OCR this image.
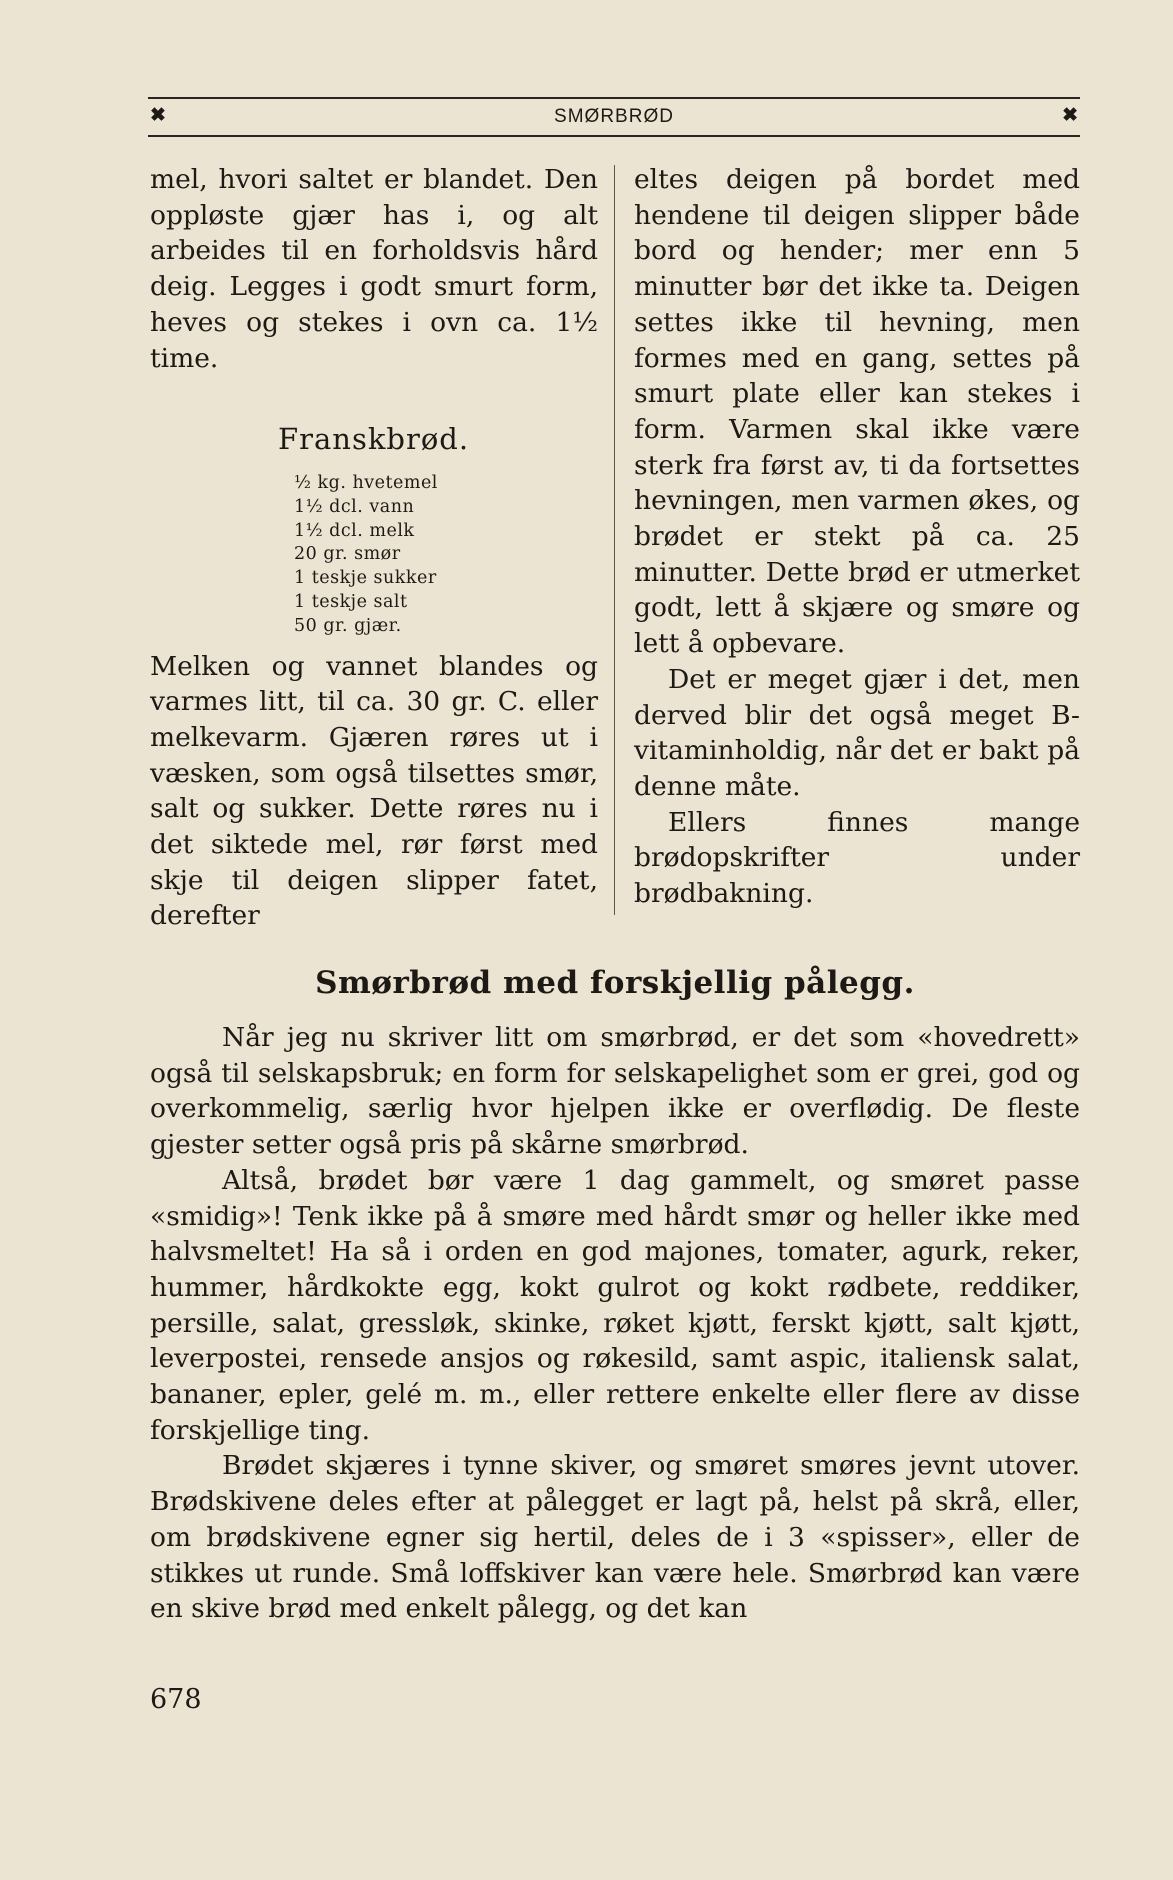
✖	SMØRBRØD	✖

mel, hvori saltet er blandet. Den oppløste gjær has i, og alt arbeides til en forholdsvis hård deig. Legges i godt smurt form, heves og stekes i ovn ca. 1½ time.

Franskbrød.
½ kg. hvetemel
1½ dcl. vann
1½ dcl. melk
20 gr. smør
1 teskje sukker
1 teskje salt
50 gr. gjær.

Melken og vannet blandes og varmes litt, til ca. 30 gr. C. eller melkevarm. Gjæren røres ut i væsken, som også tilsettes smør, salt og sukker. Dette røres nu i det siktede mel, rør først med skje til deigen slipper fatet, derefter

eltes deigen på bordet med hendene til deigen slipper både bord og hender; mer enn 5 minutter bør det ikke ta. Deigen settes ikke til hevning, men formes med en gang, settes på smurt plate eller kan stekes i form. Varmen skal ikke være sterk fra først av, ti da fortsettes hevningen, men varmen økes, og brødet er stekt på ca. 25 minutter. Dette brød er utmerket godt, lett å skjære og smøre og lett å opbevare.

Det er meget gjær i det, men derved blir det også meget B-vitaminholdig, når det er bakt på denne måte.

Ellers finnes mange brødopskrifter under brødbakning.

Smørbrød med forskjellig pålegg.

Når jeg nu skriver litt om smørbrød, er det som «hovedrett» også til selskapsbruk; en form for selskapelighet som er grei, god og overkommelig, særlig hvor hjelpen ikke er overflødig. De fleste gjester setter også pris på skårne smørbrød.

Altså, brødet bør være 1 dag gammelt, og smøret passe «smidig»! Tenk ikke på å smøre med hårdt smør og heller ikke med halvsmeltet! Ha så i orden en god majones, tomater, agurk, reker, hummer, hårdkokte egg, kokt gulrot og kokt rødbete, reddiker, persille, salat, gressløk, skinke, røket kjøtt, ferskt kjøtt, salt kjøtt, leverpostei, rensede ansjos og røkesild, samt aspic, italiensk salat, bananer, epler, gelé m. m., eller rettere enkelte eller flere av disse forskjellige ting.

Brødet skjæres i tynne skiver, og smøret smøres jevnt utover. Brødskivene deles efter at pålegget er lagt på, helst på skrå, eller, om brødskivene egner sig hertil, deles de i 3 «spisser», eller de stikkes ut runde. Små loffskiver kan være hele. Smørbrød kan være en skive brød med enkelt pålegg, og det kan

678
